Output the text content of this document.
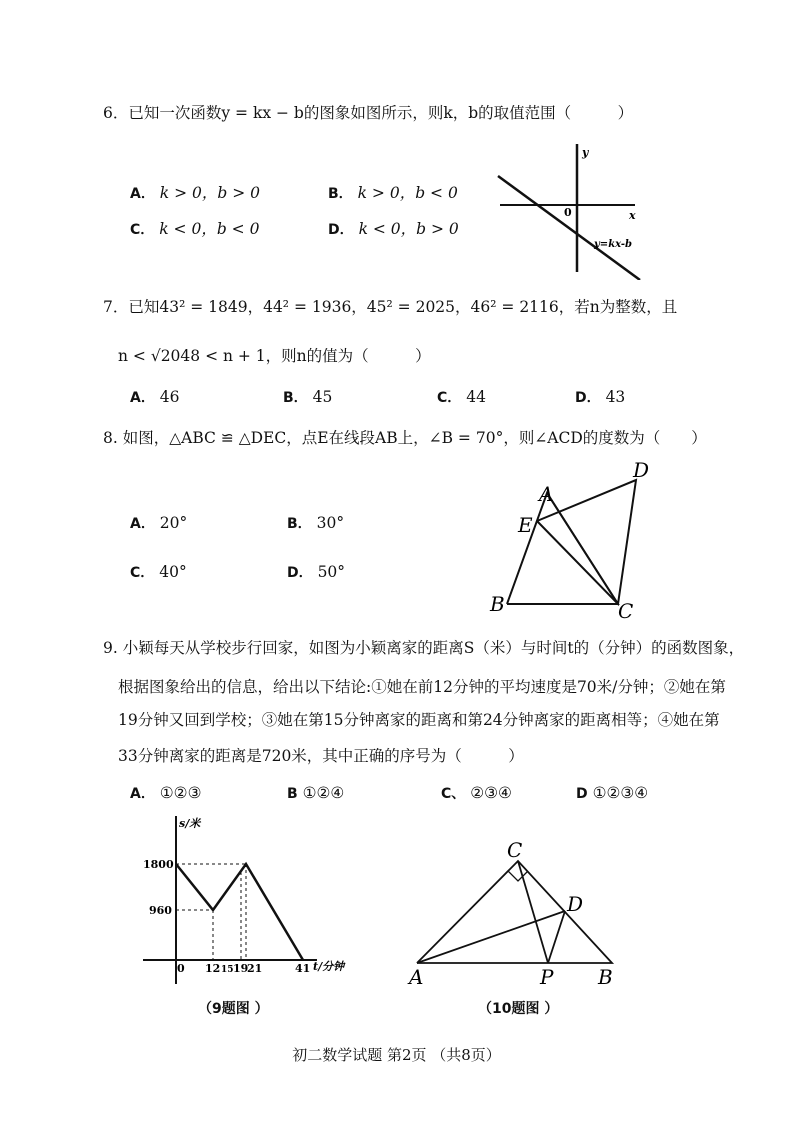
6．已知一次函数y = kx − b的图象如图所示，则k，b的取值范围（　　　）
A． k > 0，b > 0	B． k > 0，b < 0
C． k < 0，b < 0	D． k < 0，b > 0
y
x
0
y=kx-b
7．已知43² = 1849，44² = 1936，45² = 2025，46² = 2116，若n为整数，且
n < √2048 < n + 1，则n的值为（　　　）
A． 46	B． 45	C． 44	D． 43
8. 如图，△ABC ≌ △DEC，点E在线段AB上，∠B = 70°，则∠ACD的度数为（　　）
A． 20°	B． 30°
C． 40°	D． 50°
A
D
E
B	C
9. 小颖每天从学校步行回家，如图为小颖离家的距离S（米）与时间t的（分钟）的函数图象，
根据图象给出的信息，给出以下结论:①她在前12分钟的平均速度是70米/分钟；②她在第
19分钟又回到学校；③她在第15分钟离家的距离和第24分钟离家的距离相等；④她在第
33分钟离家的距离是720米，其中正确的序号为（　　　）
A． ①②③	B ①②④	C、 ②③④	D ①②③④
s/米
t/分钟
1800
960
0 12 15 19
21	41
（9题图 ）
C
D
A	P B
（10题图 ）
初二数学试题 第2页 （共8页）
